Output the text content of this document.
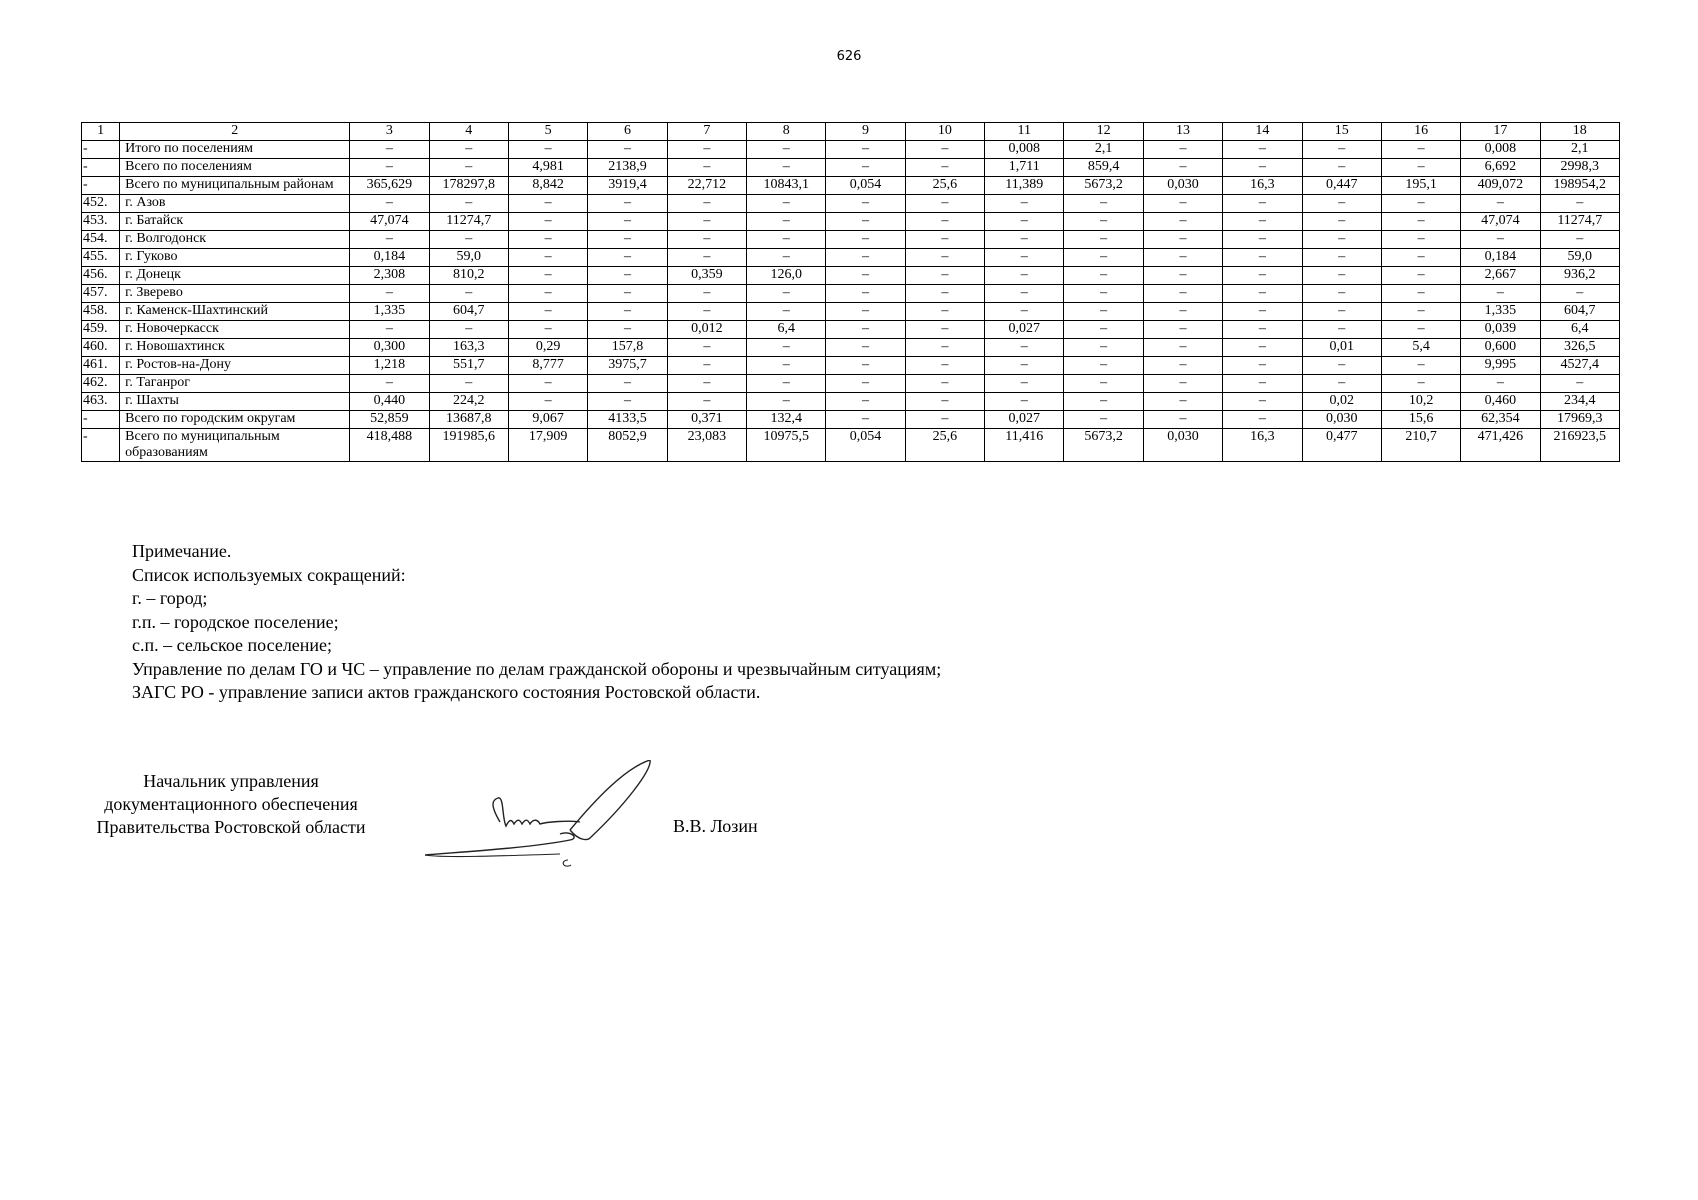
626
1	2	3	4	5	6	7	8	9	10	11	12	13	14	15	16	17	18
-	Итого по поселениям	–	–	–	–	–	–	–	–	0,008	2,1	–	–	–	–	0,008	2,1
-	Всего по поселениям	–	–	4,981	2138,9	–	–	–	–	1,711	859,4	–	–	–	–	6,692	2998,3
-	Всего по муниципальным районам	365,629	178297,8	8,842	3919,4	22,712	10843,1	0,054	25,6	11,389	5673,2	0,030	16,3	0,447	195,1	409,072	198954,2
452.	г. Азов	–	–	–	–	–	–	–	–	–	–	–	–	–	–	–	–
453.	г. Батайск	47,074	11274,7	–	–	–	–	–	–	–	–	–	–	–	–	47,074	11274,7
454.	г. Волгодонск	–	–	–	–	–	–	–	–	–	–	–	–	–	–	–	–
455.	г. Гуково	0,184	59,0	–	–	–	–	–	–	–	–	–	–	–	–	0,184	59,0
456.	г. Донецк	2,308	810,2	–	–	0,359	126,0	–	–	–	–	–	–	–	–	2,667	936,2
457.	г. Зверево	–	–	–	–	–	–	–	–	–	–	–	–	–	–	–	–
458.	г. Каменск-Шахтинский	1,335	604,7	–	–	–	–	–	–	–	–	–	–	–	–	1,335	604,7
459.	г. Новочеркасск	–	–	–	–	0,012	6,4	–	–	0,027	–	–	–	–	–	0,039	6,4
460.	г. Новошахтинск	0,300	163,3	0,29	157,8	–	–	–	–	–	–	–	–	0,01	5,4	0,600	326,5
461.	г. Ростов-на-Дону	1,218	551,7	8,777	3975,7	–	–	–	–	–	–	–	–	–	–	9,995	4527,4
462.	г. Таганрог	–	–	–	–	–	–	–	–	–	–	–	–	–	–	–	–
463.	г. Шахты	0,440	224,2	–	–	–	–	–	–	–	–	–	–	0,02	10,2	0,460	234,4
-	Всего по городским округам	52,859	13687,8	9,067	4133,5	0,371	132,4	–	–	0,027	–	–	–	0,030	15,6	62,354	17969,3
-	Всего по муниципальным образованиям	418,488	191985,6	17,909	8052,9	23,083	10975,5	0,054	25,6	11,416	5673,2	0,030	16,3	0,477	210,7	471,426	216923,5
Примечание.
Список используемых сокращений:
г. – город;
г.п. – городское поселение;
с.п. – сельское поселение;
Управление по делам ГО и ЧС – управление по делам гражданской обороны и чрезвычайным ситуациям;
ЗАГС РО - управление записи актов гражданского состояния Ростовской области.
Начальник управления
документационного обеспечения
Правительства Ростовской области	В.В. Лозин
